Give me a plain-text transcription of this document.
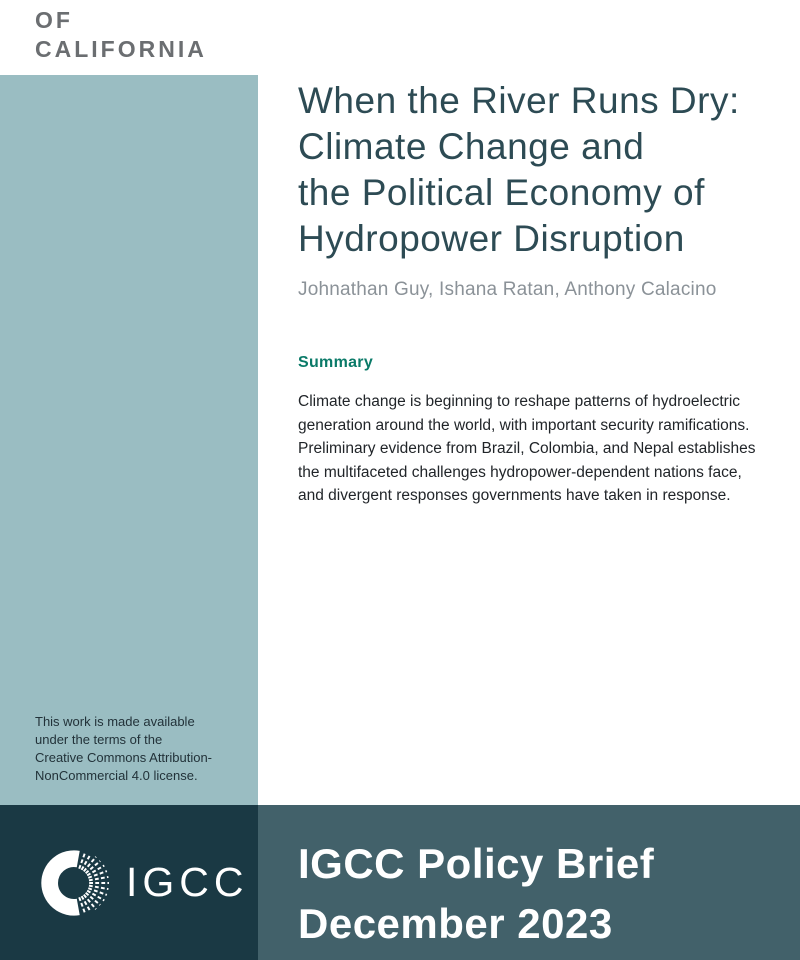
OF
CALIFORNIA
This work is made available
under the terms of the
Creative Commons Attribution-
NonCommercial 4.0 license.
When the River Runs Dry:
Climate Change and
the Political Economy of
Hydropower Disruption

Johnathan Guy, Ishana Ratan, Anthony Calacino

Summary

Climate change is beginning to reshape patterns of hydroelectric generation around the world, with important security ramifications. Preliminary evidence from Brazil, Colombia, and Nepal establishes the multifaceted challenges hydropower-dependent nations face, and divergent responses governments have taken in response.

IGCC IGCC Policy Brief
December 2023
